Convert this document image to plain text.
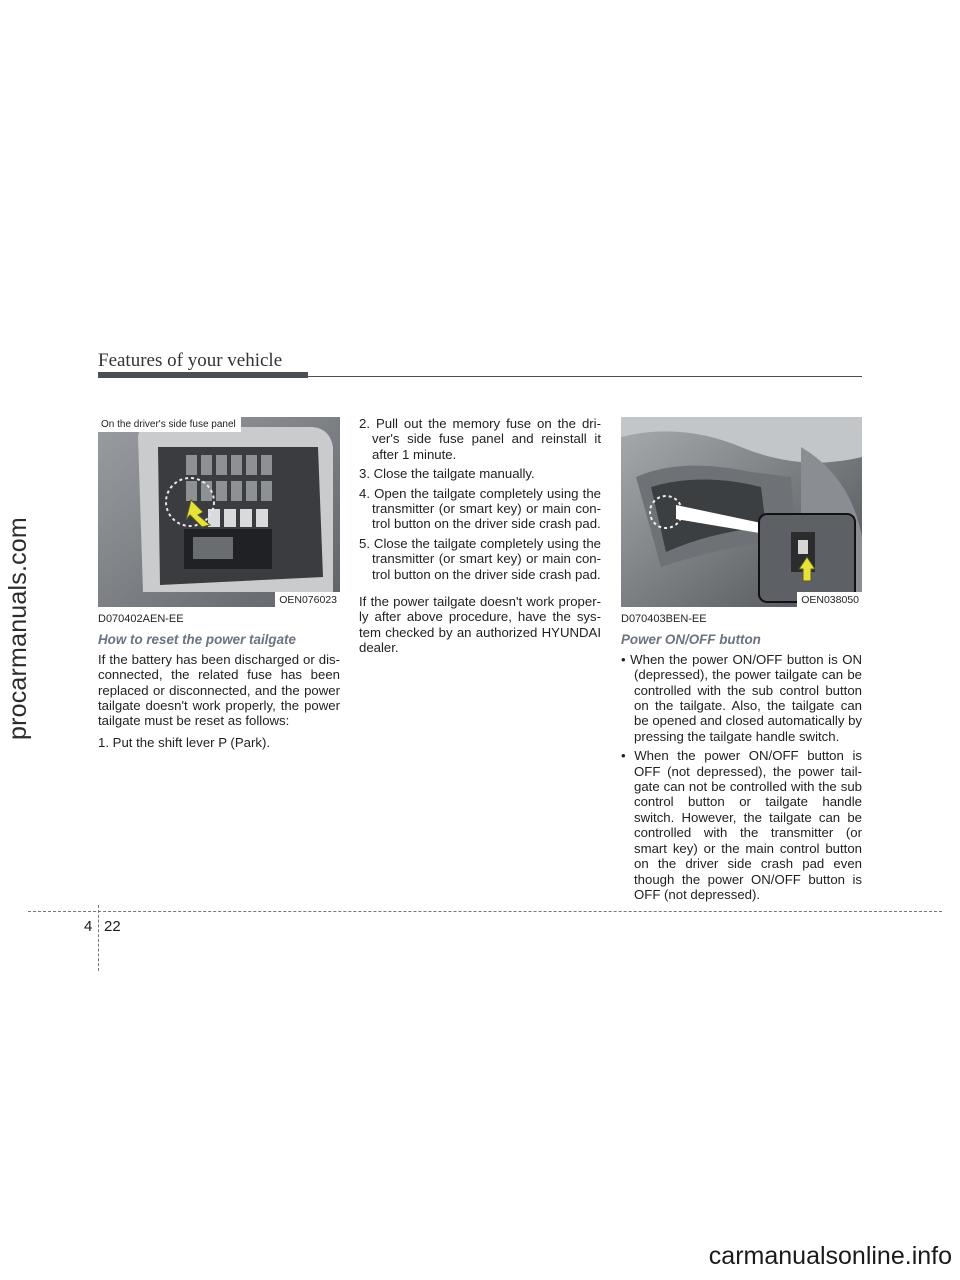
Features of your vehicle
procarmanuals.com
On the driver's side fuse panel
OEN076023	OEN038050
D070402AEN-EE
How to reset the power tailgate
If the battery has been discharged or dis-connected, the related fuse has been replaced or disconnected, and the power tailgate doesn't work properly, the power tailgate must be reset as follows:
1. Put the shift lever P (Park).
2. Pull out the memory fuse on the dri-ver's side fuse panel and reinstall it after 1 minute.
3. Close the tailgate manually.
4. Open the tailgate completely using the transmitter (or smart key) or main con-trol button on the driver side crash pad.
5. Close the tailgate completely using the transmitter (or smart key) or main con-trol button on the driver side crash pad.
If the power tailgate doesn't work proper-ly after above procedure, have the sys-tem checked by an authorized HYUNDAI dealer.
D070403BEN-EE
Power ON/OFF button
• When the power ON/OFF button is ON (depressed), the power tailgate can be controlled with the sub control button on the tailgate. Also, the tailgate can be opened and closed automatically by pressing the tailgate handle switch.
• When the power ON/OFF button is OFF (not depressed), the power tail-gate can not be controlled with the sub control button or tailgate handle switch. However, the tailgate can be controlled with the transmitter (or smart key) or the main control button on the driver side crash pad even though the power ON/OFF button is OFF (not depressed).
4 22
carmanualsonline.info
